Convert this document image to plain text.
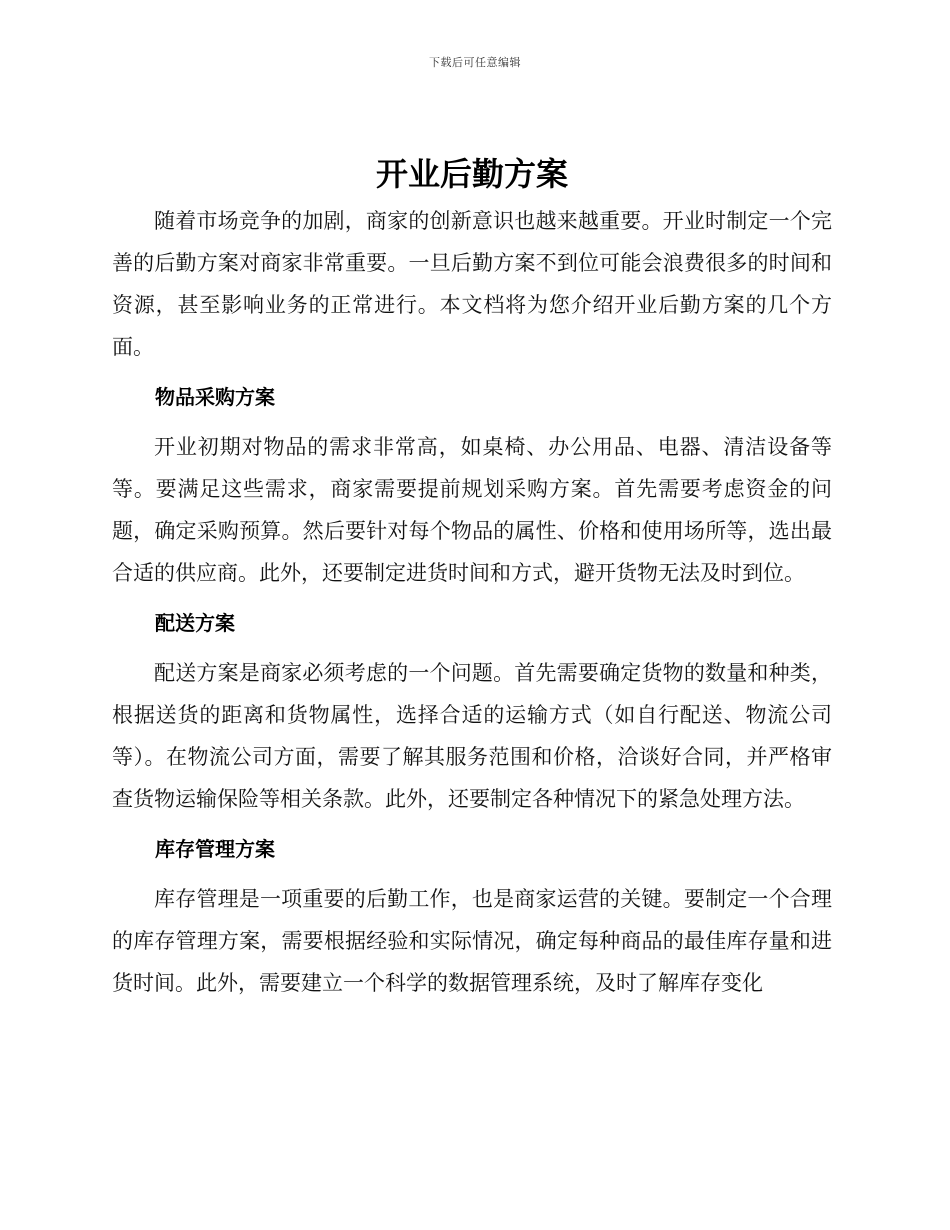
下载后可任意编辑
开业后勤方案

随着市场竞争的加剧，商家的创新意识也越来越重要。开业时制定一个完善的后勤方案对商家非常重要。一旦后勤方案不到位可能会浪费很多的时间和资源，甚至影响业务的正常进行。本文档将为您介绍开业后勤方案的几个方面。

物品采购方案

开业初期对物品的需求非常高，如桌椅、办公用品、电器、清洁设备等等。要满足这些需求，商家需要提前规划采购方案。首先需要考虑资金的问题，确定采购预算。然后要针对每个物品的属性、价格和使用场所等，选出最合适的供应商。此外，还要制定进货时间和方式，避开货物无法及时到位。

配送方案

配送方案是商家必须考虑的一个问题。首先需要确定货物的数量和种类，根据送货的距离和货物属性，选择合适的运输方式（如自行配送、物流公司等）。在物流公司方面，需要了解其服务范围和价格，洽谈好合同，并严格审查货物运输保险等相关条款。此外，还要制定各种情况下的紧急处理方法。

库存管理方案

库存管理是一项重要的后勤工作，也是商家运营的关键。要制定一个合理的库存管理方案，需要根据经验和实际情况，确定每种商品的最佳库存量和进货时间。此外，需要建立一个科学的数据管理系统，及时了解库存变化
